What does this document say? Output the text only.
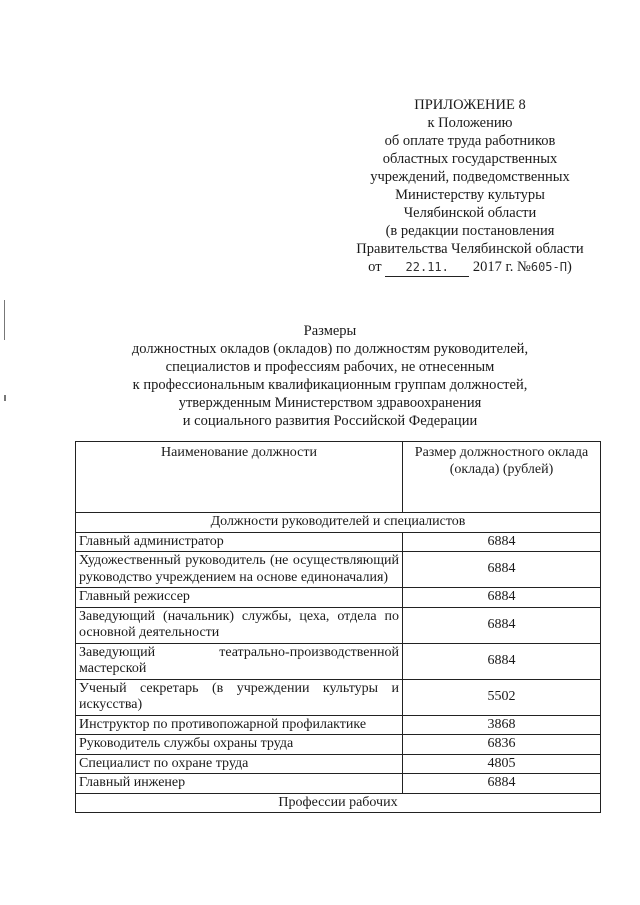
ПРИЛОЖЕНИЕ 8
к Положению
об оплате труда работников
областных государственных
учреждений, подведомственных
Министерству культуры
Челябинской области
(в редакции постановления
Правительства Челябинской области
от 22.11. 2017 г. №605-П)
Размеры
должностных окладов (окладов) по должностям руководителей,
специалистов и профессиям рабочих, не отнесенным
к профессиональным квалификационным группам должностей,
утвержденным Министерством здравоохранения
и социального развития Российской Федерации
Наименование должности	Размер должностного оклада (оклада) (рублей)
Должности руководителей и специалистов	
Главный администратор	6884
Художественный руководитель (не осуществляющий руководство учреждением на основе единоначалия)	6884
Главный режиссер	6884
Заведующий (начальник) службы, цеха, отдела по основной деятельности	6884
Заведующий театрально-производственной мастерской	6884
Ученый секретарь (в учреждении культуры и искусства)	5502
Инструктор по противопожарной профилактике	3868
Руководитель службы охраны труда	6836
Специалист по охране труда	4805
Главный инженер	6884
Профессии рабочих	
